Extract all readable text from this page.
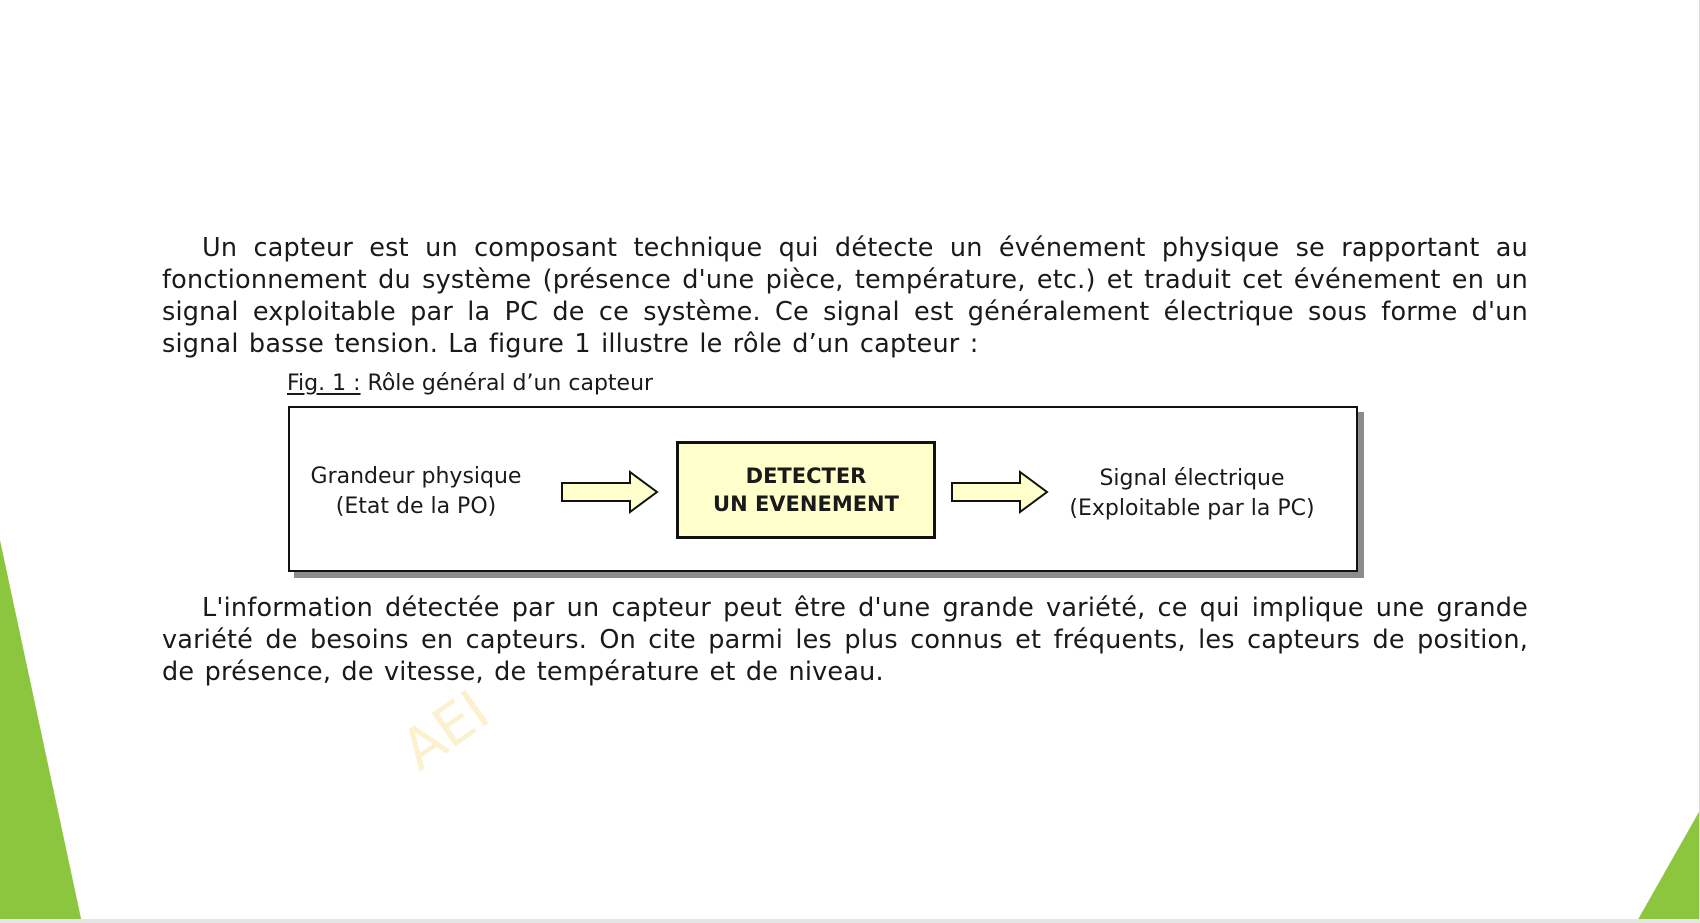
AEI

Un capteur est un composant technique qui détecte un événement physique se rapportant au fonctionnement du système (présence d'une pièce, température, etc.) et traduit cet événement en un signal exploitable par la PC de ce système. Ce signal est généralement électrique sous forme d'un signal basse tension. La figure 1 illustre le rôle d’un capteur :

Fig. 1 : Rôle général d’un capteur
Grandeur physique
(Etat de la PO)
DETECTER
UN EVENEMENT
Signal électrique
(Exploitable par la PC)

L'information détectée par un capteur peut être d'une grande variété, ce qui implique une grande variété de besoins en capteurs. On cite parmi les plus connus et fréquents, les capteurs de position, de présence, de vitesse, de température et de niveau.
